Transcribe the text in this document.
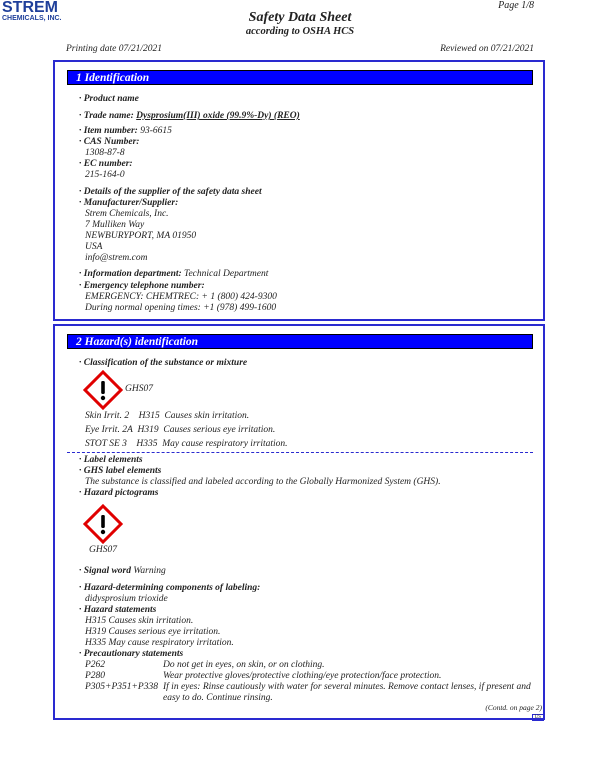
STREM
CHEMICALS, INC.
Page 1/8
Safety Data Sheet
according to OSHA HCS
Printing date 07/21/2021	Reviewed on 07/21/2021
1 Identification
· Product name
· Trade name: Dysprosium(III) oxide (99.9%-Dy) (REO)
· Item number: 93-6615
· CAS Number:
1308-87-8
· EC number:
215-164-0
· Details of the supplier of the safety data sheet
· Manufacturer/Supplier:
Strem Chemicals, Inc.
7 Mulliken Way
NEWBURYPORT, MA 01950
USA
info@strem.com
· Information department: Technical Department
· Emergency telephone number:
EMERGENCY: CHEMTREC: + 1 (800) 424-9300
During normal opening times: +1 (978) 499-1600
2 Hazard(s) identification
· Classification of the substance or mixture
GHS07
Skin Irrit. 2 H315 Causes skin irritation.
Eye Irrit. 2A H319 Causes serious eye irritation.
STOT SE 3 H335 May cause respiratory irritation.
· Label elements
· GHS label elements
The substance is classified and labeled according to the Globally Harmonized System (GHS).
· Hazard pictograms
GHS07
· Signal word Warning
· Hazard-determining components of labeling:
didysprosium trioxide
· Hazard statements
H315 Causes skin irritation.
H319 Causes serious eye irritation.
H335 May cause respiratory irritation.
· Precautionary statements
P262	Do not get in eyes, on skin, or on clothing.
P280	Wear protective gloves/protective clothing/eye protection/face protection.
P305+P351+P338 If in eyes: Rinse cautiously with water for several minutes. Remove contact lenses, if present and easy to do. Continue rinsing.
(Contd. on page 2)
US
